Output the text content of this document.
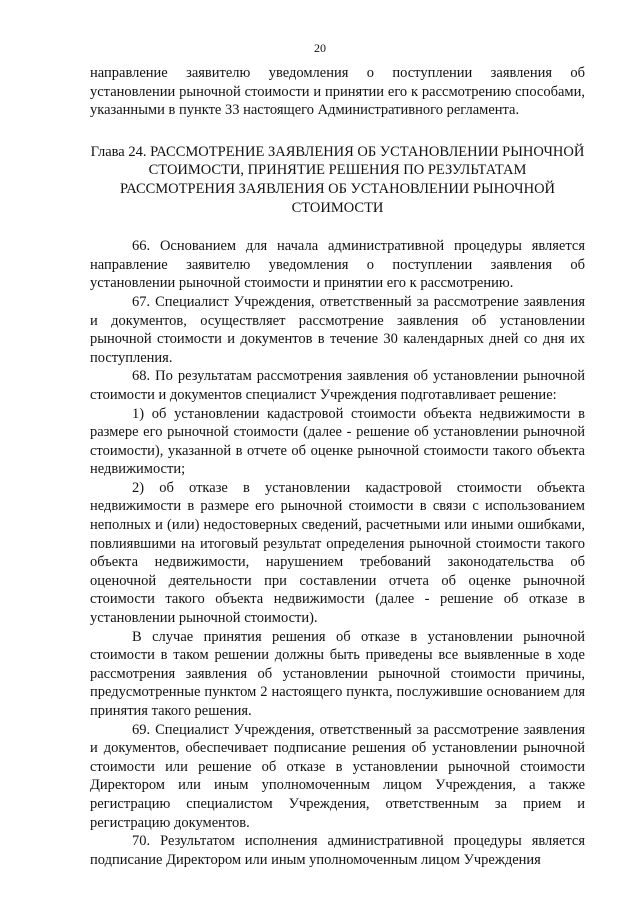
20

направление заявителю уведомления о поступлении заявления об установлении рыночной стоимости и принятии его к рассмотрению способами, указанными в пункте 33 настоящего Административного регламента.

Глава 24. РАССМОТРЕНИЕ ЗАЯВЛЕНИЯ ОБ УСТАНОВЛЕНИИ РЫНОЧНОЙ СТОИМОСТИ, ПРИНЯТИЕ РЕШЕНИЯ ПО РЕЗУЛЬТАТАМ РАССМОТРЕНИЯ ЗАЯВЛЕНИЯ ОБ УСТАНОВЛЕНИИ РЫНОЧНОЙ СТОИМОСТИ

66. Основанием для начала административной процедуры является направление заявителю уведомления о поступлении заявления об установлении рыночной стоимости и принятии его к рассмотрению.

67. Специалист Учреждения, ответственный за рассмотрение заявления и документов, осуществляет рассмотрение заявления об установлении рыночной стоимости и документов в течение 30 календарных дней со дня их поступления.

68. По результатам рассмотрения заявления об установлении рыночной стоимости и документов специалист Учреждения подготавливает решение:

1) об установлении кадастровой стоимости объекта недвижимости в размере его рыночной стоимости (далее - решение об установлении рыночной стоимости), указанной в отчете об оценке рыночной стоимости такого объекта недвижимости;

2) об отказе в установлении кадастровой стоимости объекта недвижимости в размере его рыночной стоимости в связи с использованием неполных и (или) недостоверных сведений, расчетными или иными ошибками, повлиявшими на итоговый результат определения рыночной стоимости такого объекта недвижимости, нарушением требований законодательства об оценочной деятельности при составлении отчета об оценке рыночной стоимости такого объекта недвижимости (далее - решение об отказе в установлении рыночной стоимости).

В случае принятия решения об отказе в установлении рыночной стоимости в таком решении должны быть приведены все выявленные в ходе рассмотрения заявления об установлении рыночной стоимости причины, предусмотренные пунктом 2 настоящего пункта, послужившие основанием для принятия такого решения.

69. Специалист Учреждения, ответственный за рассмотрение заявления и документов, обеспечивает подписание решения об установлении рыночной стоимости или решение об отказе в установлении рыночной стоимости Директором или иным уполномоченным лицом Учреждения, а также регистрацию специалистом Учреждения, ответственным за прием и регистрацию документов.

70. Результатом исполнения административной процедуры является подписание Директором или иным уполномоченным лицом Учреждения
